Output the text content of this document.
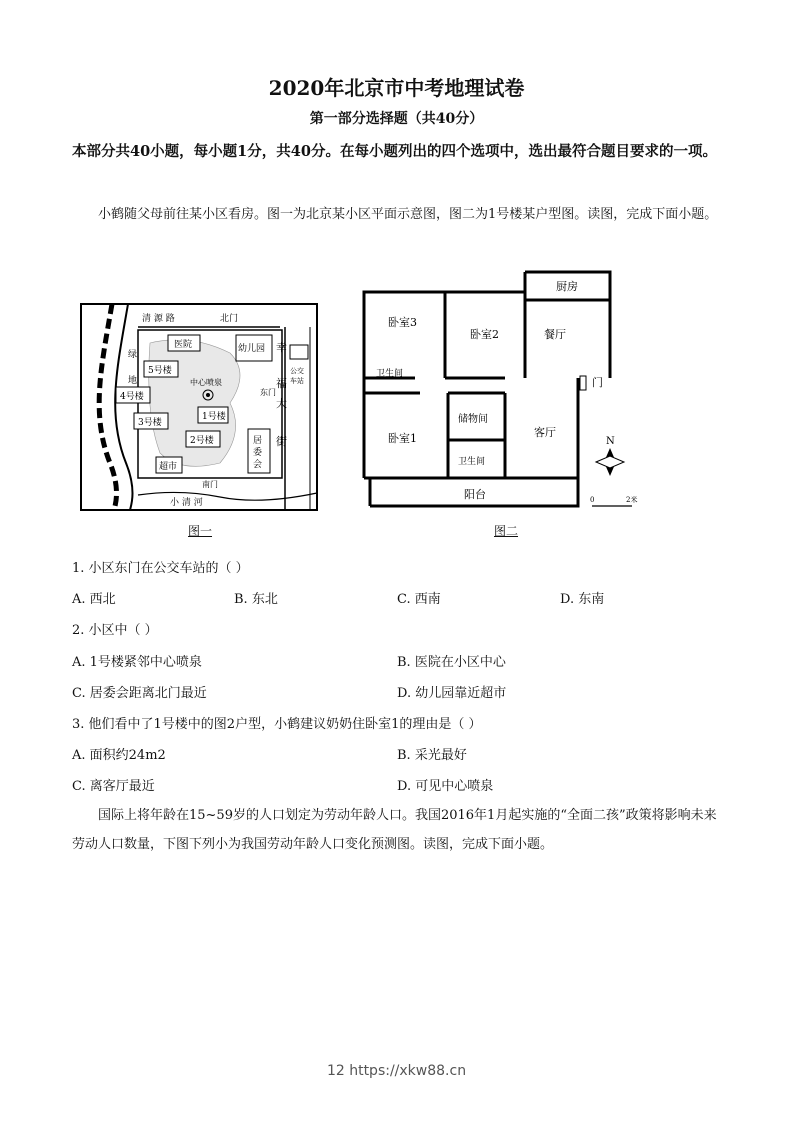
2020年北京市中考地理试卷
第一部分选择题（共40分）
本部分共40小题，每小题1分，共40分。在每小题列出的四个选项中，选出最符合题目要求的一项。
小鹤随父母前往某小区看房。图一为北京某小区平面示意图，图二为1号楼某户型图。读图，完成下面小题。
清 源 路	北门
幸
福
大
街
公交
车站
东门
绿
地
医院	幼儿园
5号楼
4号楼
3号楼
中心喷泉
1号楼
2号楼	居
委
会
超市
南门
小 清 河
厨房
卧室3
卧室2	餐厅
卫生间
门
储物间
卧室1	客厅
卫生间
阳台
N
0	2米
图一	图二
1. 小区东门在公交车站的（ ）
A. 西北	B. 东北	C. 西南	D. 东南
2. 小区中（ ）
A. 1号楼紧邻中心喷泉	B. 医院在小区中心
C. 居委会距离北门最近	D. 幼儿园靠近超市
3. 他们看中了1号楼中的图2户型，小鹤建议奶奶住卧室1的理由是（ ）
A. 面积约24m2	B. 采光最好
C. 离客厅最近	D. 可见中心喷泉
国际上将年龄在15~59岁的人口划定为劳动年龄人口。我国2016年1月起实施的“全面二孩”政策将影响未来劳动人口数量，下图下列小为我国劳动年龄人口变化预测图。读图，完成下面小题。
12 https://xkw88.cn
